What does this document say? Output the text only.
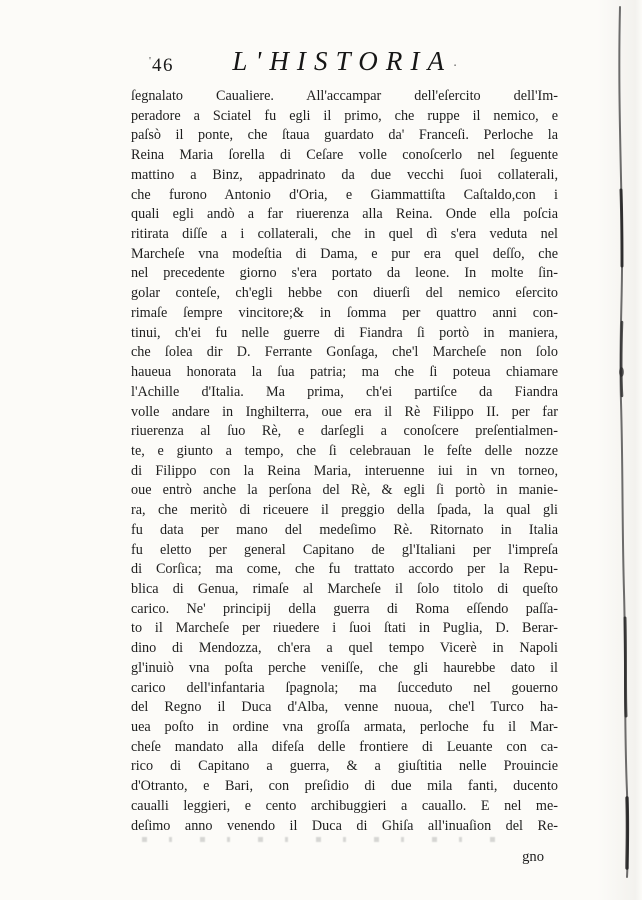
'46	L'HISTORIA·
ſegnalato Caualiere. All'accampar dell'eſercito dell'Im-
peradore a Sciatel fu egli il primo, che ruppe il nemico, e
paſsò il ponte, che ſtaua guardato da' Franceſi. Perloche la
Reina Maria ſorella di Ceſare volle conoſcerlo nel ſeguente
mattino a Binz, appadrinato da due vecchi ſuoi collaterali,
che furono Antonio d'Oria, e Giammattiſta Caſtaldo,con i
quali egli andò a far riuerenza alla Reina. Onde ella poſcia
ritirata diſſe a i collaterali, che in quel dì s'era veduta nel
Marcheſe vna modeſtia di Dama, e pur era quel deſſo, che
nel precedente giorno s'era portato da leone. In molte ſin-
golar conteſe, ch'egli hebbe con diuerſi del nemico eſercito
rimaſe ſempre vincitore;& in ſomma per quattro anni con-
tinui, ch'ei fu nelle guerre di Fiandra ſi portò in maniera,
che ſolea dir D. Ferrante Gonſaga, che'l Marcheſe non ſolo
haueua honorata la ſua patria; ma che ſi poteua chiamare
l'Achille d'Italia. Ma prima, ch'ei partiſce da Fiandra
volle andare in Inghilterra, oue era il Rè Filippo II. per far
riuerenza al ſuo Rè, e darſegli a conoſcere preſentialmen-
te, e giunto a tempo, che ſi celebrauan le feſte delle nozze
di Filippo con la Reina Maria, interuenne iui in vn torneo,
oue entrò anche la perſona del Rè, & egli ſi portò in manie-
ra, che meritò di riceuere il preggio della ſpada, la qual gli
fu data per mano del medeſimo Rè. Ritornato in Italia
fu eletto per general Capitano de gl'Italiani per l'impreſa
di Corſica; ma come, che fu trattato accordo per la Repu-
blica di Genua, rimaſe al Marcheſe il ſolo titolo di queſto
carico. Ne' principij della guerra di Roma eſſendo paſſa-
to il Marcheſe per riuedere i ſuoi ſtati in Puglia, D. Berar-
dino di Mendozza, ch'era a quel tempo Vicerè in Napoli
gl'inuiò vna poſta perche veniſſe, che gli haurebbe dato il
carico dell'infantaria ſpagnola; ma ſucceduto nel gouerno
del Regno il Duca d'Alba, venne nuoua, che'l Turco ha-
uea poſto in ordine vna groſſa armata, perloche fu il Mar-
cheſe mandato alla difeſa delle frontiere di Leuante con ca-
rico di Capitano a guerra, & a giuſtitia nelle Prouincie
d'Otranto, e Bari, con preſidio di due mila fanti, ducento
caualli leggieri, e cento archibuggieri a cauallo. E nel me-
deſimo anno venendo il Duca di Ghiſa all'inuaſion del Re-
gno
